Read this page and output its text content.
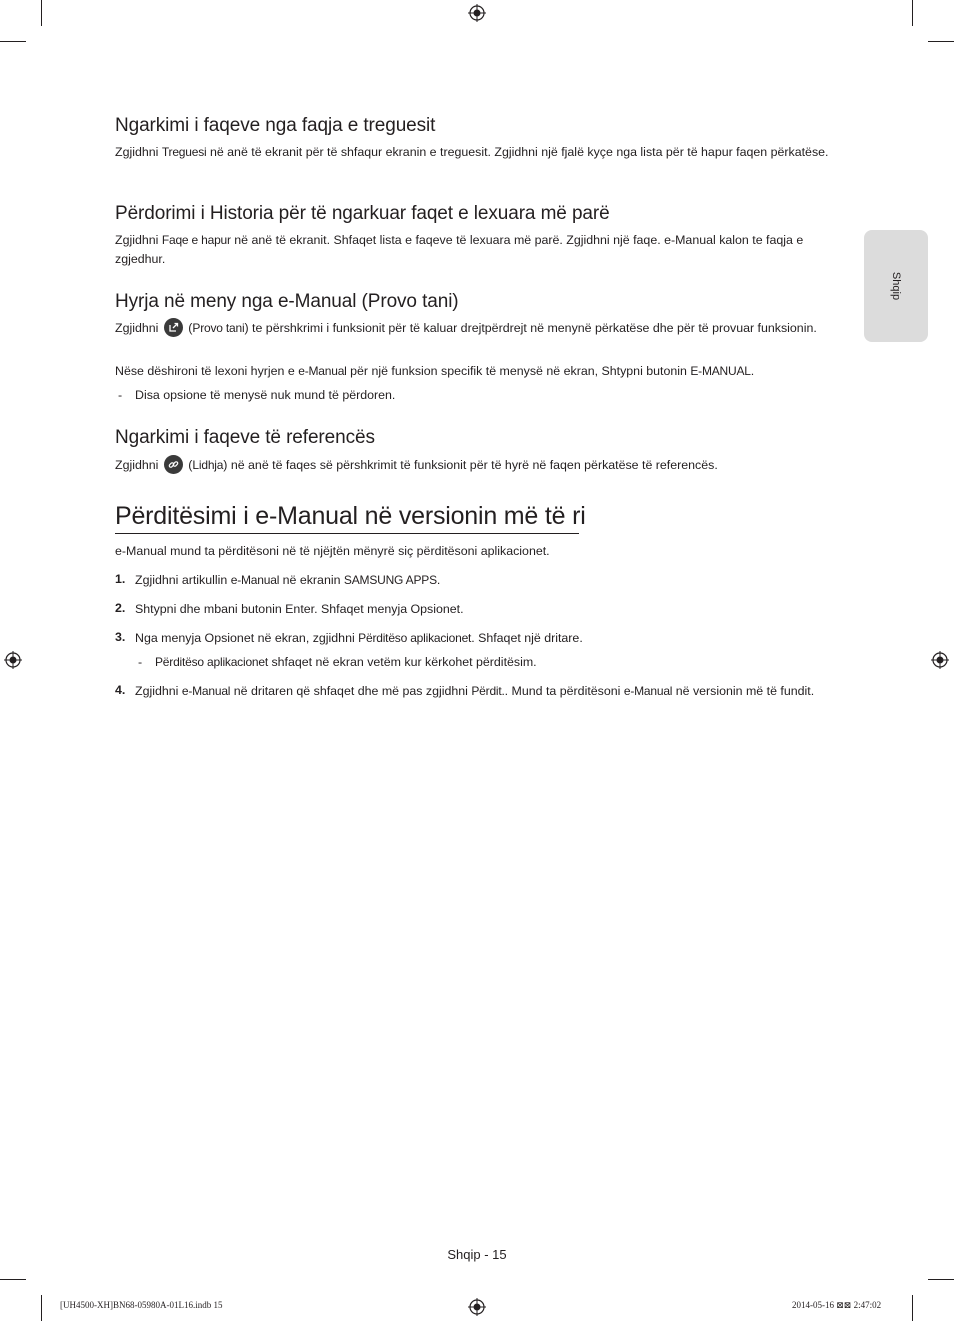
Shqip
Ngarkimi i faqeve nga faqja e treguesit

Zgjidhni Treguesi në anë të ekranit për të shfaqur ekranin e treguesit. Zgjidhni një fjalë kyçe nga lista për të hapur faqen përkatëse.

Përdorimi i Historia për të ngarkuar faqet e lexuara më parë

Zgjidhni Faqe e hapur në anë të ekranit. Shfaqet lista e faqeve të lexuara më parë. Zgjidhni një faqe. e-Manual kalon te faqja e zgjedhur.

Hyrja në meny nga e-Manual (Provo tani)

Zgjidhni
(Provo tani) te përshkrimi i funksionit për të kaluar drejtpërdrejt në menynë përkatëse dhe për të provuar funksionin.

Nëse dëshironi të lexoni hyrjen e e-Manual për një funksion specifik të menysë në ekran, Shtypni butonin E-MANUAL.

- Disa opsione të menysë nuk mund të përdoren.

Ngarkimi i faqeve të referencës

Zgjidhni
(Lidhja) në anë të faqes së përshkrimit të funksionit për të hyrë në faqen përkatëse të referencës.

Përditësimi i e-Manual në versionin më të ri

e-Manual mund ta përditësoni në të njëjtën mënyrë siç përditësoni aplikacionet.

1. Zgjidhni artikullin e-Manual në ekranin SAMSUNG APPS.

2. Shtypni dhe mbani butonin Enter. Shfaqet menyja Opsionet.

3. Nga menyja Opsionet në ekran, zgjidhni Përditëso aplikacionet. Shfaqet një dritare.

- Përditëso aplikacionet shfaqet në ekran vetëm kur kërkohet përditësim.

4. Zgjidhni e-Manual në dritaren që shfaqet dhe më pas zgjidhni Përdit.. Mund ta përditësoni e-Manual në versionin më të fundit.

Shqip - 15
[UH4500-XH]BN68-05980A-01L16.indb 15	2014-05-16 ⊠⊠ 2:47:02
